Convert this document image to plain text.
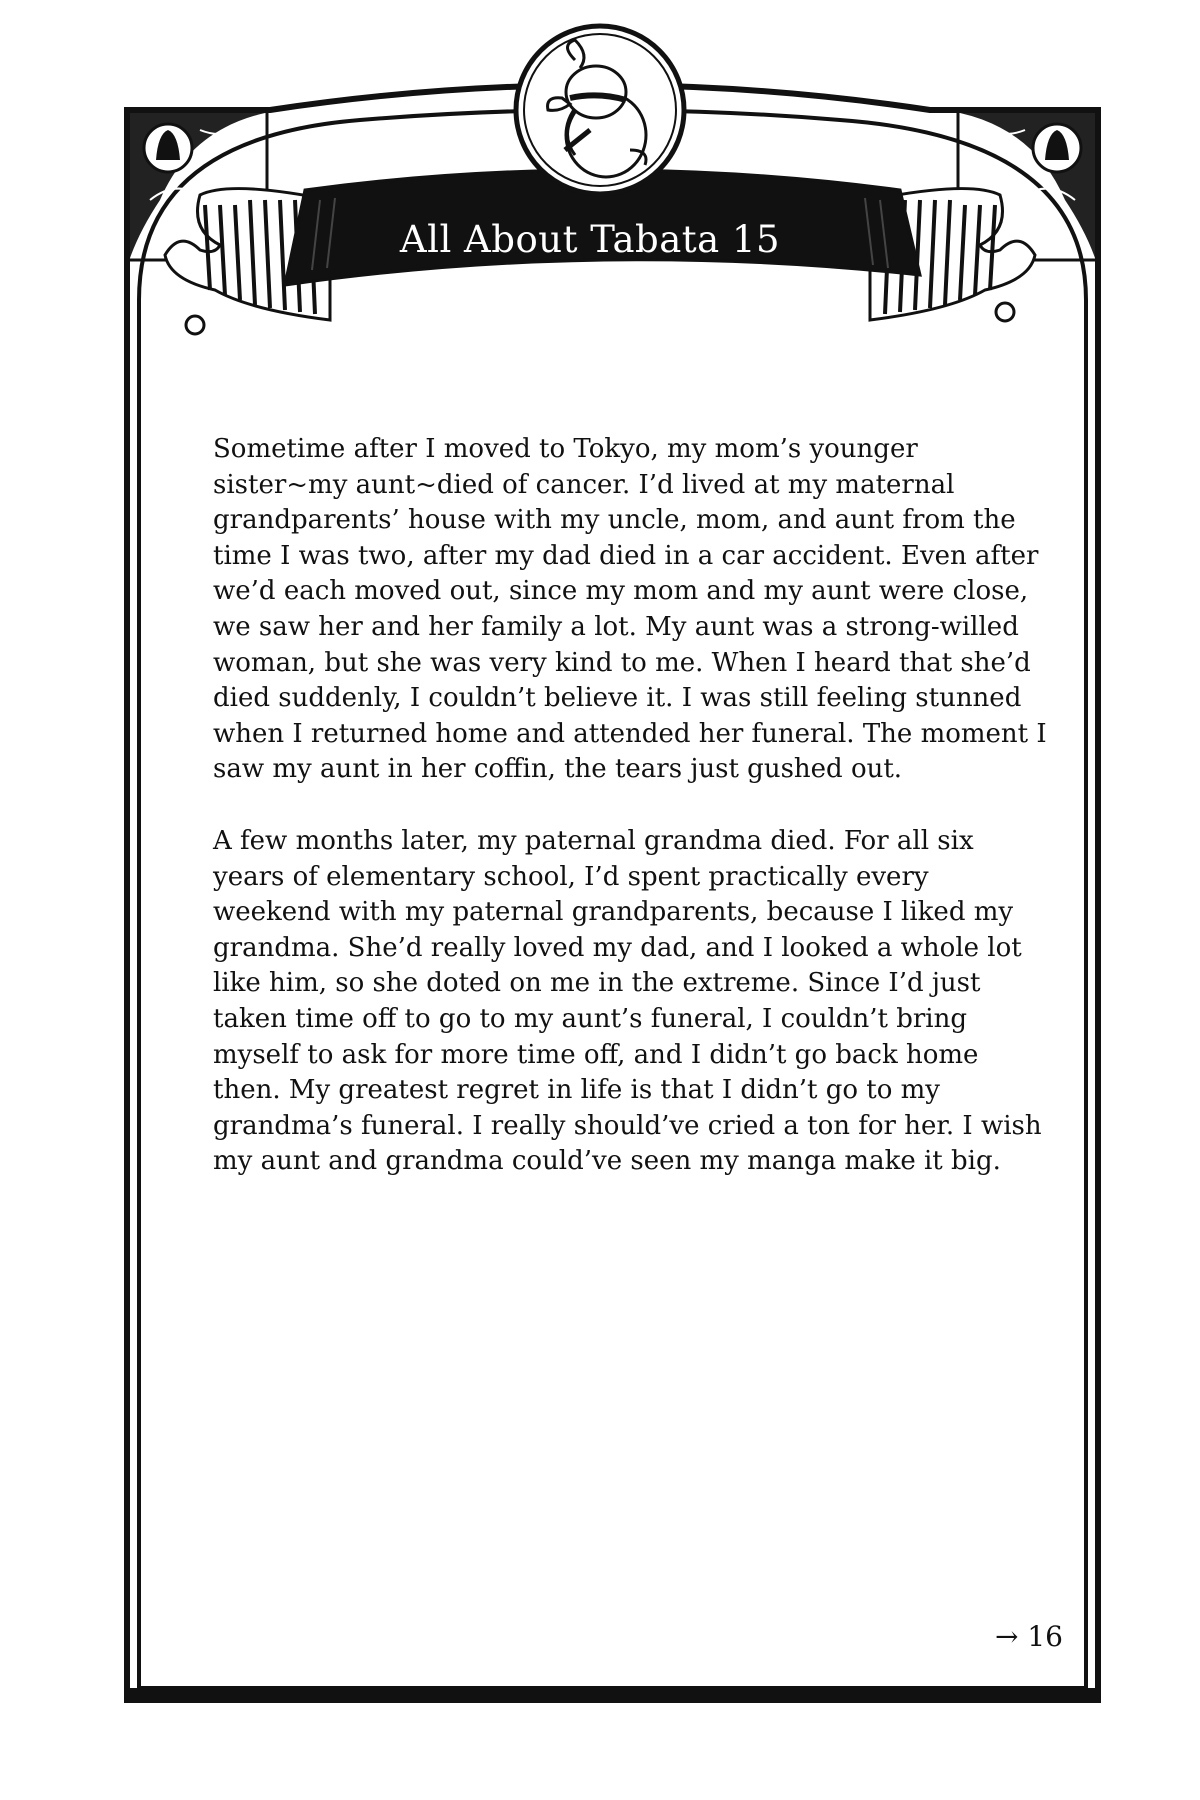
All About Tabata 15

Sometime after I moved to Tokyo, my mom’s younger sister~my aunt~died of cancer. I’d lived at my maternal grandparents’ house with my uncle, mom, and aunt from the time I was two, after my dad died in a car accident. Even after we’d each moved out, since my mom and my aunt were close, we saw her and her family a lot. My aunt was a strong-willed woman, but she was very kind to me. When I heard that she’d died suddenly, I couldn’t believe it. I was still feeling stunned when I returned home and attended her funeral. The moment I saw my aunt in her coffin, the tears just gushed out.

A few months later, my paternal grandma died. For all six years of elementary school, I’d spent practically every weekend with my paternal grandparents, because I liked my grandma. She’d really loved my dad, and I looked a whole lot like him, so she doted on me in the extreme. Since I’d just taken time off to go to my aunt’s funeral, I couldn’t bring myself to ask for more time off, and I didn’t go back home then. My greatest regret in life is that I didn’t go to my grandma’s funeral. I really should’ve cried a ton for her. I wish my aunt and grandma could’ve seen my manga make it big.

→ 16
